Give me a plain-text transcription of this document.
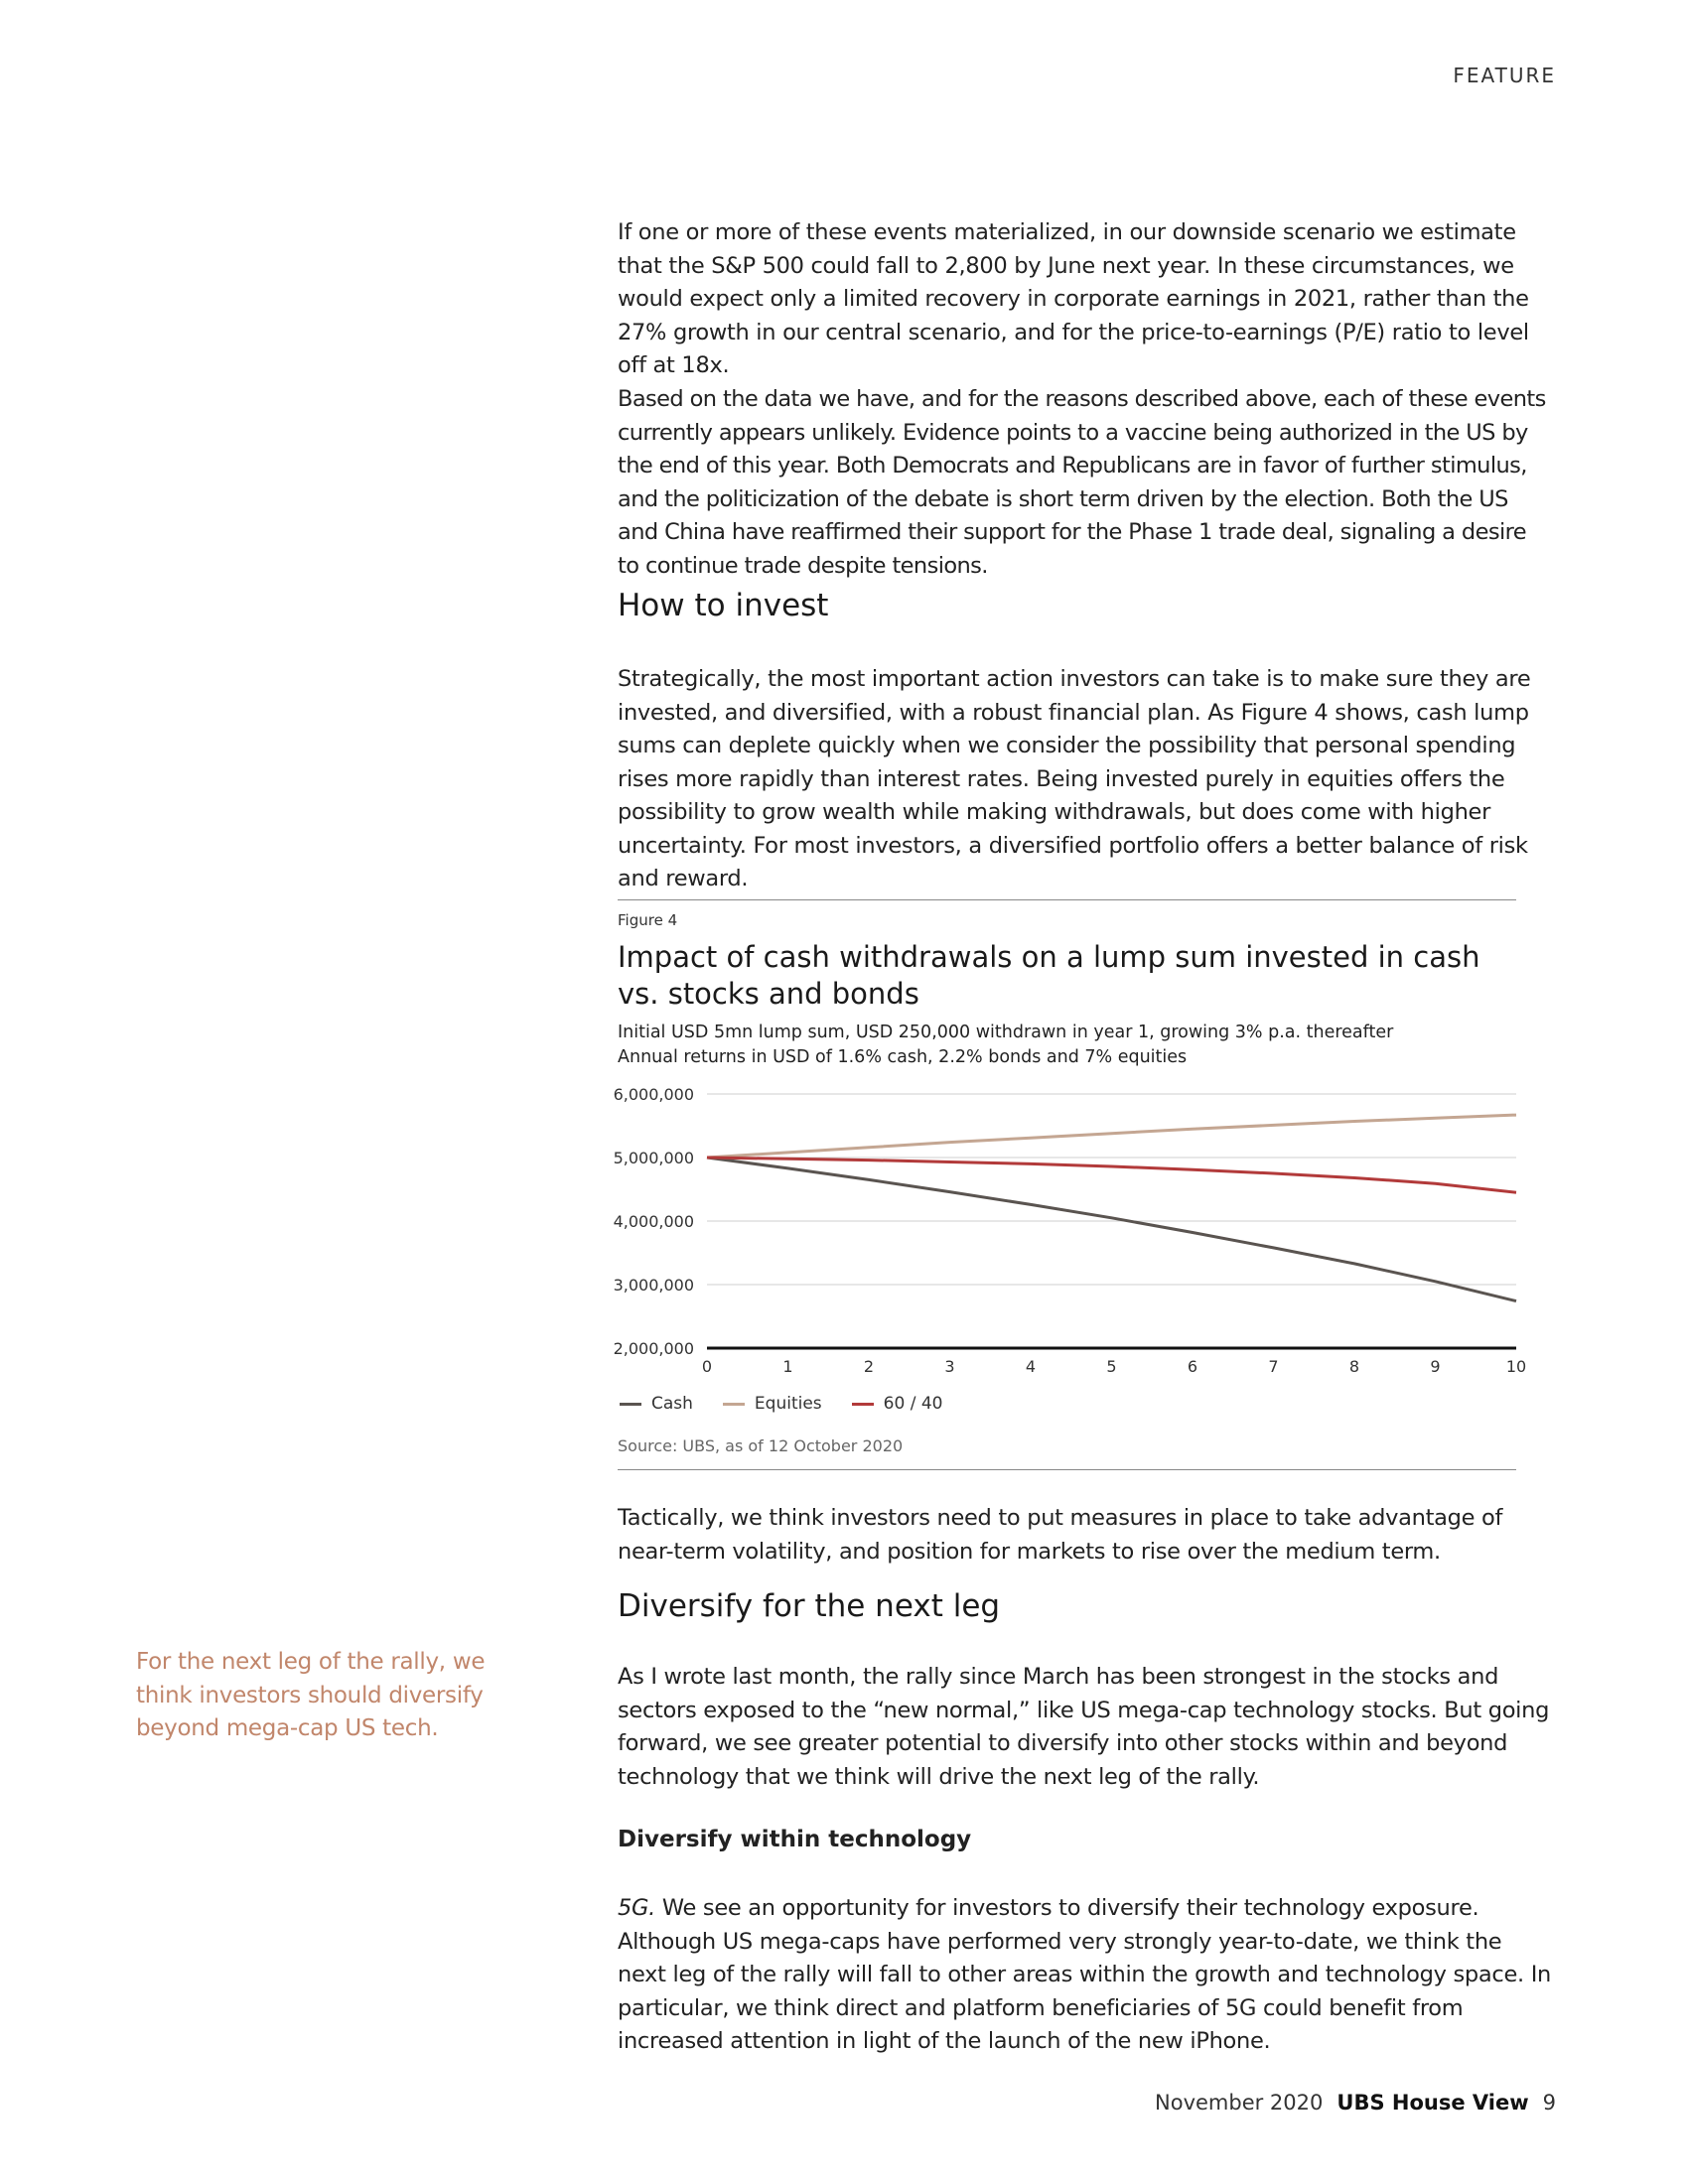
FEATURE

If one or more of these events materialized, in our downside scenario we estimate that the S&P 500 could fall to 2,800 by June next year. In these circumstances, we would expect only a limited recovery in corporate earnings in 2021, rather than the 27% growth in our central scenario, and for the price-to-earnings (P/E) ratio to level off at 18x.

Based on the data we have, and for the reasons described above, each of these events currently appears unlikely. Evidence points to a vaccine being authorized in the US by the end of this year. Both Democrats and Republicans are in favor of further stimulus, and the politicization of the debate is short term driven by the election. Both the US and China have reaffirmed their support for the Phase 1 trade deal, signaling a desire to continue trade despite tensions.

How to invest

Strategically, the most important action investors can take is to make sure they are invested, and diversified, with a robust financial plan. As Figure 4 shows, cash lump sums can deplete quickly when we consider the possibility that personal spending rises more rapidly than interest rates. Being invested purely in equities offers the possibility to grow wealth while making withdrawals, but does come with higher uncertainty. For most investors, a diversified portfolio offers a better balance of risk and reward.

Figure 4
Impact of cash withdrawals on a lump sum invested in cash vs. stocks and bonds
Initial USD 5mn lump sum, USD 250,000 withdrawn in year 1, growing 3% p.a. thereafter
Annual returns in USD of 1.6% cash, 2.2% bonds and 7% equities
2,000,000
3,000,000
4,000,000
5,000,000
6,000,000
0	1	2	3	4	5	6	7	8	9	10
Cash	Equities	60 / 40
Source: UBS, as of 12 October 2020

Tactically, we think investors need to put measures in place to take advantage of near-term volatility, and position for markets to rise over the medium term.

Diversify for the next leg
For the next leg of the rally, we think investors should diversify beyond mega-cap US tech.

As I wrote last month, the rally since March has been strongest in the stocks and sectors exposed to the “new normal,” like US mega-cap technology stocks. But going forward, we see greater potential to diversify into other stocks within and beyond technology that we think will drive the next leg of the rally.

Diversify within technology

5G. We see an opportunity for investors to diversify their technology exposure. Although US mega-caps have performed very strongly year-to-date, we think the next leg of the rally will fall to other areas within the growth and technology space. In particular, we think direct and platform beneficiaries of 5G could benefit from increased attention in light of the launch of the new iPhone.

November 2020 UBS House View 9
